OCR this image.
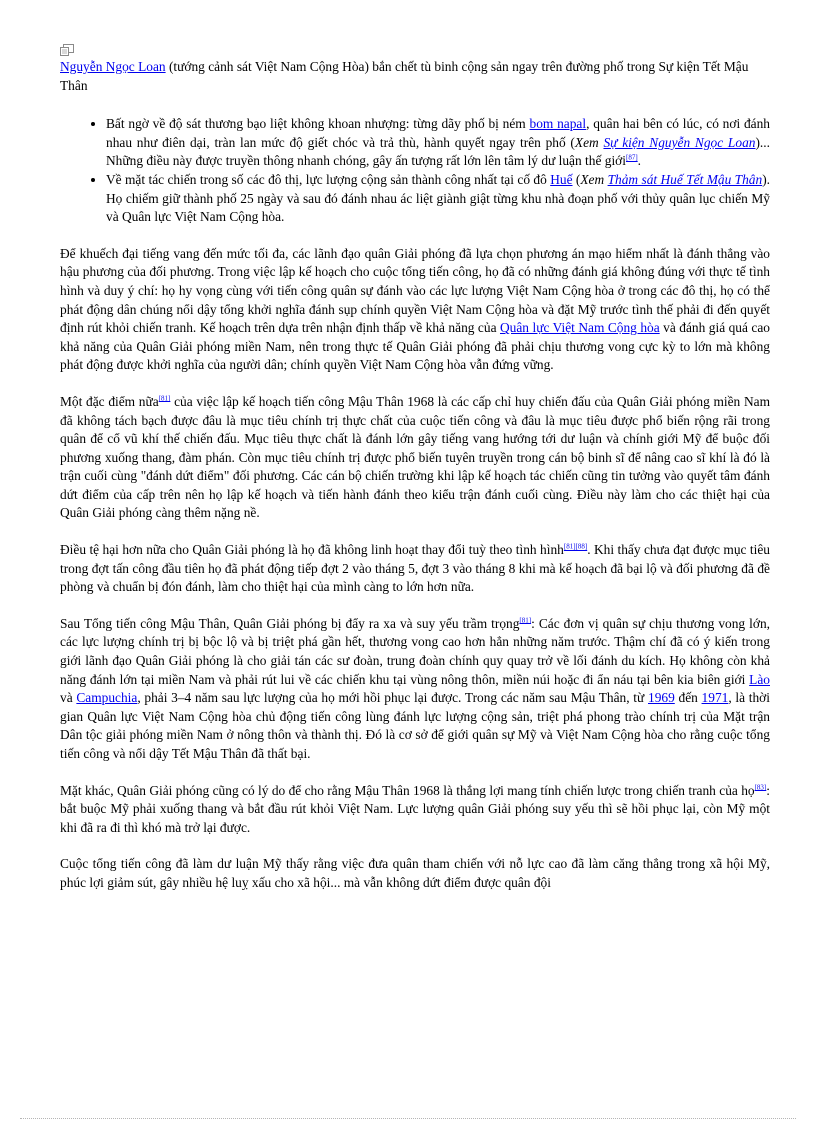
Nguyễn Ngọc Loan (tướng cảnh sát Việt Nam Cộng Hòa) bắn chết tù binh cộng sản ngay trên đường phố trong Sự kiện Tết Mậu Thân

• Bất ngờ về độ sát thương bạo liệt không khoan nhượng: từng dãy phố bị ném bom napal, quân hai bên có lúc, có nơi đánh nhau như điên dại, tràn lan mức độ giết chóc và trả thù, hành quyết ngay trên phố (Xem Sự kiện Nguyễn Ngọc Loan)... Những điều này được truyền thông nhanh chóng, gây ấn tượng rất lớn lên tâm lý dư luận thế giới[87].
• Về mặt tác chiến trong số các đô thị, lực lượng cộng sản thành công nhất tại cố đô Huế (Xem Thảm sát Huế Tết Mậu Thân). Họ chiếm giữ thành phố 25 ngày và sau đó đánh nhau ác liệt giành giật từng khu nhà đoạn phố với thủy quân lục chiến Mỹ và Quân lực Việt Nam Cộng hòa.

Để khuếch đại tiếng vang đến mức tối đa, các lãnh đạo quân Giải phóng đã lựa chọn phương án mạo hiểm nhất là đánh thẳng vào hậu phương của đối phương. Trong việc lập kế hoạch cho cuộc tổng tiến công, họ đã có những đánh giá không đúng với thực tế tình hình và duy ý chí: họ hy vọng cùng với tiến công quân sự đánh vào các lực lượng Việt Nam Cộng hòa ở trong các đô thị, họ có thể phát động dân chúng nổi dậy tổng khởi nghĩa đánh sụp chính quyền Việt Nam Cộng hòa và đặt Mỹ trước tình thế phải đi đến quyết định rút khỏi chiến tranh. Kế hoạch trên dựa trên nhận định thấp về khả năng của Quân lực Việt Nam Cộng hòa và đánh giá quá cao khả năng của Quân Giải phóng miền Nam, nên trong thực tế Quân Giải phóng đã phải chịu thương vong cực kỳ to lớn mà không phát động được khởi nghĩa của người dân; chính quyền Việt Nam Cộng hòa vẫn đứng vững.

Một đặc điểm nữa[81] của việc lập kế hoạch tiến công Mậu Thân 1968 là các cấp chỉ huy chiến đấu của Quân Giải phóng miền Nam đã không tách bạch được đâu là mục tiêu chính trị thực chất của cuộc tiến công và đâu là mục tiêu được phổ biến rộng rãi trong quân để cổ vũ khí thế chiến đấu. Mục tiêu thực chất là đánh lớn gây tiếng vang hướng tới dư luận và chính giới Mỹ để buộc đối phương xuống thang, đàm phán. Còn mục tiêu chính trị được phổ biến tuyên truyền trong cán bộ binh sĩ để nâng cao sĩ khí là đó là trận cuối cùng "đánh dứt điểm" đối phương. Các cán bộ chiến trường khi lập kế hoạch tác chiến cũng tin tưởng vào quyết tâm đánh dứt điểm của cấp trên nên họ lập kế hoạch và tiến hành đánh theo kiểu trận đánh cuối cùng. Điều này làm cho các thiệt hại của Quân Giải phóng càng thêm nặng nề.

Điều tệ hại hơn nữa cho Quân Giải phóng là họ đã không linh hoạt thay đổi tuỳ theo tình hình[81][88]. Khi thấy chưa đạt được mục tiêu trong đợt tấn công đầu tiên họ đã phát động tiếp đợt 2 vào tháng 5, đợt 3 vào tháng 8 khi mà kế hoạch đã bại lộ và đối phương đã đề phòng và chuẩn bị đón đánh, làm cho thiệt hại của mình càng to lớn hơn nữa.

Sau Tổng tiến công Mậu Thân, Quân Giải phóng bị đẩy ra xa và suy yếu trầm trọng[81]: Các đơn vị quân sự chịu thương vong lớn, các lực lượng chính trị bị bộc lộ và bị triệt phá gần hết, thương vong cao hơn hẳn những năm trước. Thậm chí đã có ý kiến trong giới lãnh đạo Quân Giải phóng là cho giải tán các sư đoàn, trung đoàn chính quy quay trở về lối đánh du kích. Họ không còn khả năng đánh lớn tại miền Nam và phải rút lui về các chiến khu tại vùng nông thôn, miền núi hoặc đi ẩn náu tại bên kia biên giới Lào và Campuchia, phải 3–4 năm sau lực lượng của họ mới hồi phục lại được. Trong các năm sau Mậu Thân, từ 1969 đến 1971, là thời gian Quân lực Việt Nam Cộng hòa chủ động tiến công lùng đánh lực lượng cộng sản, triệt phá phong trào chính trị của Mặt trận Dân tộc giải phóng miền Nam ở nông thôn và thành thị. Đó là cơ sở để giới quân sự Mỹ và Việt Nam Cộng hòa cho rằng cuộc tổng tiến công và nổi dậy Tết Mậu Thân đã thất bại.

Mặt khác, Quân Giải phóng cũng có lý do để cho rằng Mậu Thân 1968 là thắng lợi mang tính chiến lược trong chiến tranh của họ[83]: bắt buộc Mỹ phải xuống thang và bắt đầu rút khỏi Việt Nam. Lực lượng quân Giải phóng suy yếu thì sẽ hồi phục lại, còn Mỹ một khi đã ra đi thì khó mà trở lại được.

Cuộc tổng tiến công đã làm dư luận Mỹ thấy rằng việc đưa quân tham chiến với nỗ lực cao đã làm căng thẳng trong xã hội Mỹ, phúc lợi giảm sút, gây nhiều hệ luỵ xấu cho xã hội... mà vẫn không dứt điểm được quân đội
